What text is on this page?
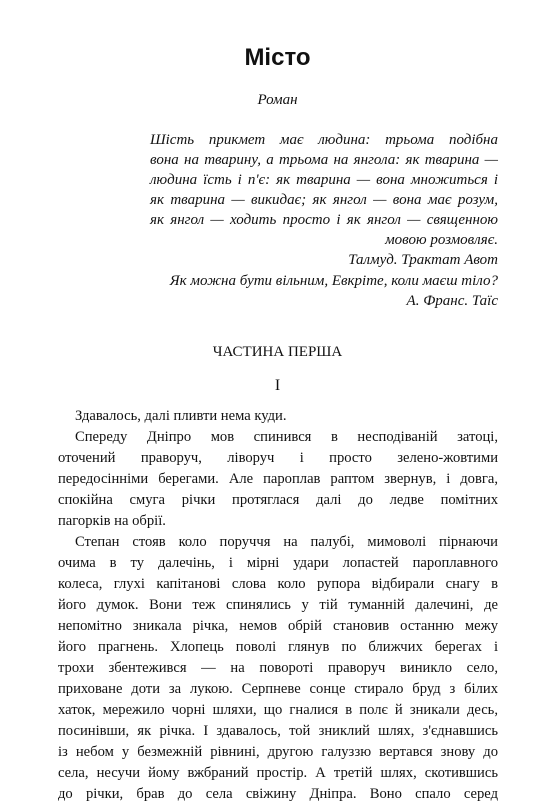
Місто
Роман
Шість прикмет має людина: трьома подібна
вона на тварину, а трьома на янгола: як тварина —
людина їсть і п'є: як тварина — вона множиться і
як тварина — викидає; як янгол — вона має розум,
як янгол — ходить просто і як янгол — священною
мовою розмовляє.
Талмуд. Трактат Авот
Як можна бути вільним, Евкріте, коли маєш тіло?
А. Франс. Таїс
ЧАСТИНА ПЕРША
І

Здавалось, далі пливти нема куди.

Спереду Дніпро мов спинився в несподіваній затоці,
оточений праворуч, ліворуч і просто зелено-жовтими
передосінніми берегами. Але пароплав раптом звернув, і довга,
спокійна смуга річки протяглася далі до ледве помітних
пагорків на обрії.

Степан стояв коло поруччя на палубі, мимоволі пірнаючи
очима в ту далечінь, і мірні удари лопастей пароплавного
колеса, глухі капітанові слова коло рупора відбирали снагу в
його думок. Вони теж спинялись у тій туманній далечині, де
непомітно зникала річка, немов обрій становив останню межу
його прагнень. Хлопець поволі глянув по ближчих берегах і
трохи збентежився — на повороті праворуч виникло село,
приховане доти за лукою. Серпневе сонце стирало бруд з білих
хаток, мережило чорні шляхи, що гналися в полє й зникали десь,
посинівши, як річка. І здавалось, той зниклий шлях, з'єднавшись
із небом у безмежній рівнині, другою галуззю вертався знову до
села, несучи йому вжбраний простір. А третій шлях, скотившись
до річки, брав до села свіжину Дніпра. Воно спало серед
